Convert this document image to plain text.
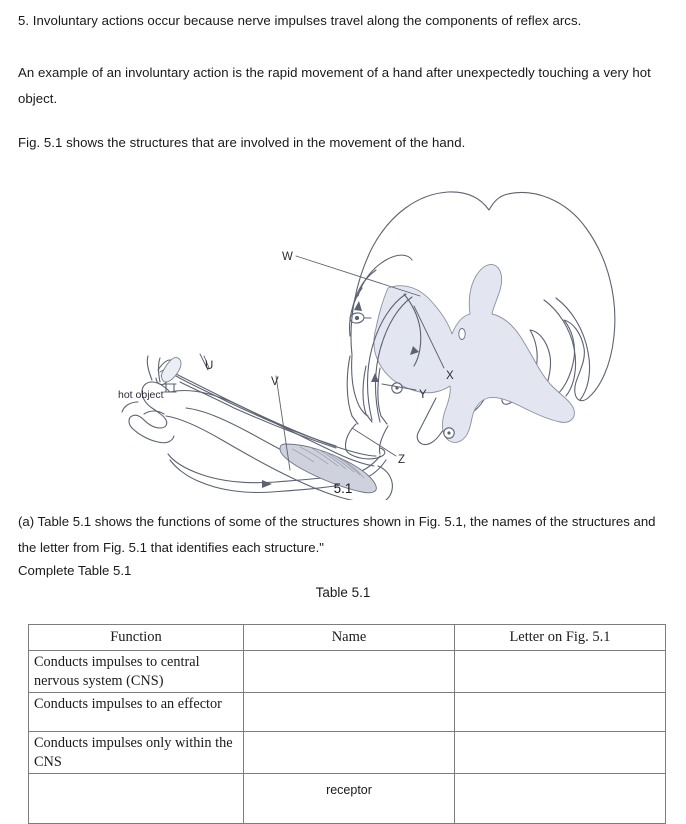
5. Involuntary actions occur because nerve impulses travel along the components of reflex arcs.
An example of an involuntary action is the rapid movement of a hand after unexpectedly touching a very hot object.
Fig. 5.1 shows the structures that are involved in the movement of the hand.
hot object
U
V
W
X
Y
Z
5.1
(a) Table 5.1 shows the functions of some of the structures shown in Fig. 5.1, the names of the structures and the letter from Fig. 5.1 that identifies each structure."
Complete Table 5.1
Table 5.1
Function	Name	Letter on Fig. 5.1
Conducts impulses to central nervous system (CNS)		
Conducts impulses to an effector		
Conducts impulses only within the CNS		
	receptor	
